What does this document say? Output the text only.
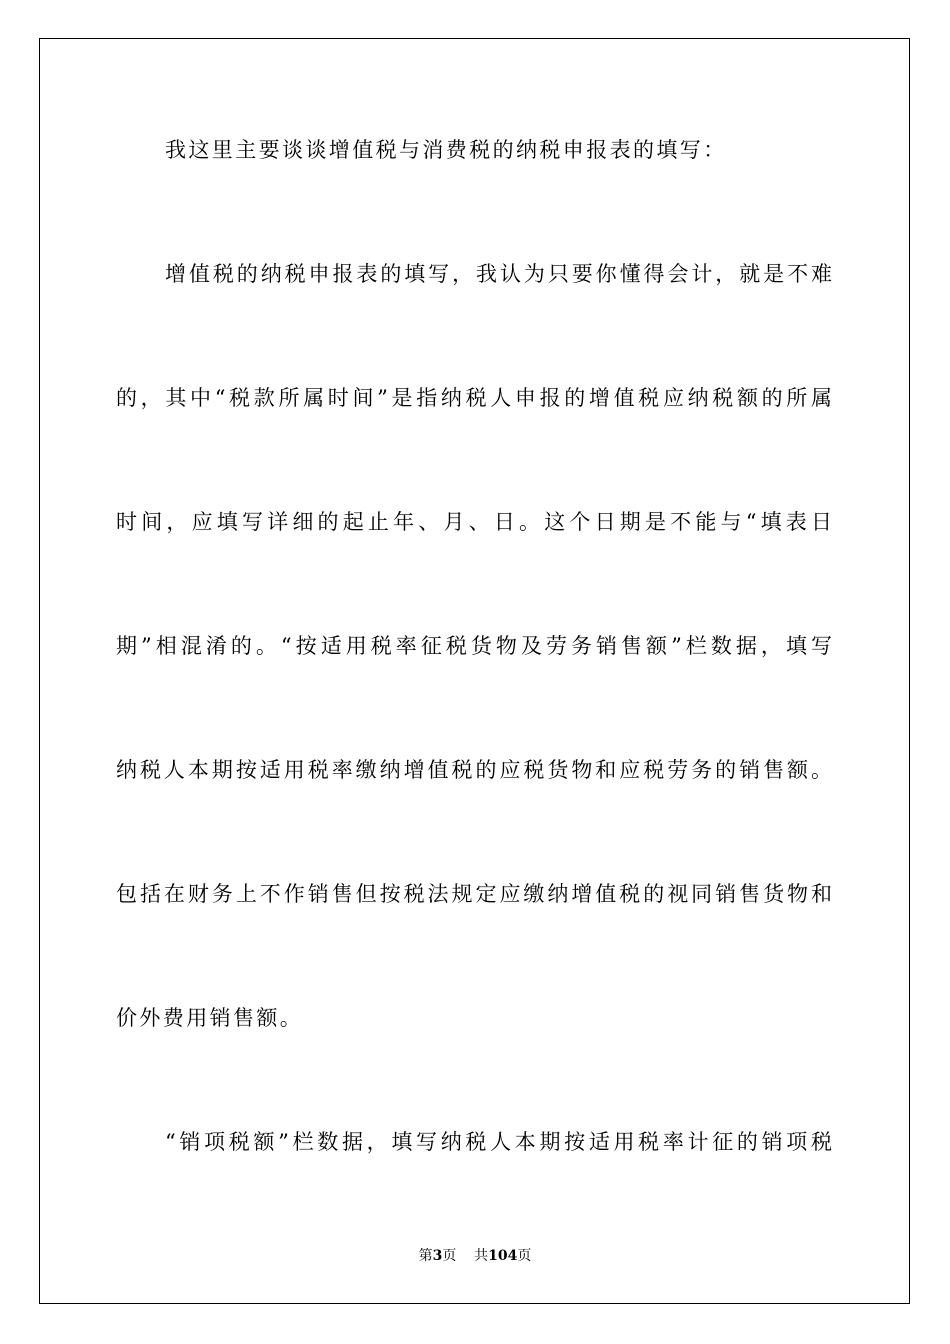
我这里主要谈谈增值税与消费税的纳税申报表的填写：
增值税的纳税申报表的填写，我认为只要你懂得会计，就是不难
的，其中“税款所属时间”是指纳税人申报的增值税应纳税额的所属
时间，应填写详细的起止年、月、日。这个日期是不能与“填表日
期”相混淆的。“按适用税率征税货物及劳务销售额”栏数据，填写
纳税人本期按适用税率缴纳增值税的应税货物和应税劳务的销售额。
包括在财务上不作销售但按税法规定应缴纳增值税的视同销售货物和
价外费用销售额。
“销项税额”栏数据，填写纳税人本期按适用税率计征的销项税
第3页 共104页
